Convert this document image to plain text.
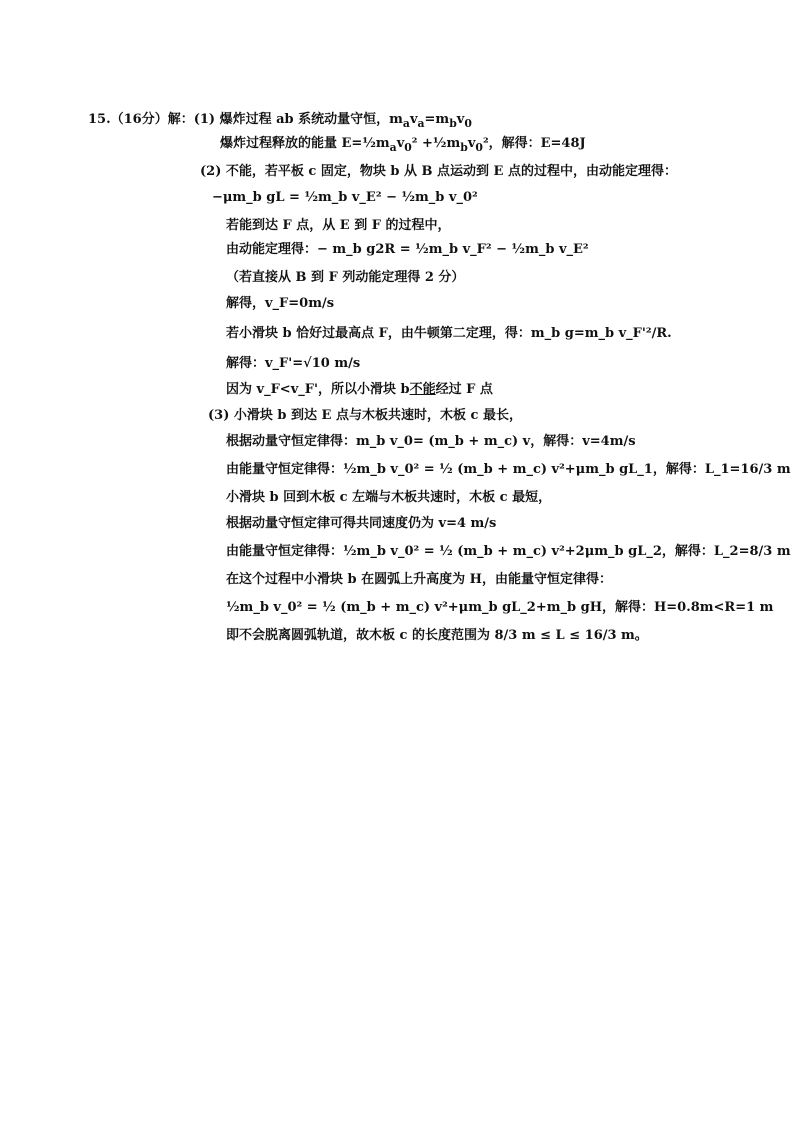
15.（16分）解：(1) 爆炸过程 ab 系统动量守恒，$m_av_a=m_bv_0$
爆炸过程释放的能量 $E=\frac{1}{2}m_av_0^2$ $+\frac{1}{2}m_bv_0^2$，解得：E=48J
(2) 不能，若平板 c 固定，物块 b 从 B 点运动到 E 点的过程中，由动能定理得：
−μm_b gL = ½m_b v_E² − ½m_b v_0²
若能到达 F 点，从 E 到 F 的过程中，
由动能定理得：− m_b g2R = ½m_b v_F² − ½m_b v_E²
（若直接从 B 到 F 列动能定理得 2 分）
解得，v_F=0m/s
若小滑块 b 恰好过最高点 F，由牛顿第二定理，得：m_b g=m_b v_F'²/R.
解得：v_F'=√10 m/s
因为 v_F<v_F'，所以小滑块 b不能经过 F 点
(3) 小滑块 b 到达 E 点与木板共速时，木板 c 最长，
根据动量守恒定律得：m_b v_0= (m_b + m_c) v，解得：v=4m/s
由能量守恒定律得：½m_b v_0² = ½ (m_b + m_c) v²+μm_b gL_1，解得：L_1=16/3 m
小滑块 b 回到木板 c 左端与木板共速时，木板 c 最短，
根据动量守恒定律可得共同速度仍为 v=4 m/s
由能量守恒定律得：½m_b v_0² = ½ (m_b + m_c) v²+2μm_b gL_2，解得：L_2=8/3 m
在这个过程中小滑块 b 在圆弧上升高度为 H，由能量守恒定律得：
½m_b v_0² = ½ (m_b + m_c) v²+μm_b gL_2+m_b gH，解得：H=0.8m<R=1 m
即不会脱离圆弧轨道，故木板 c 的长度范围为 8/3 m ≤ L ≤ 16/3 m。
